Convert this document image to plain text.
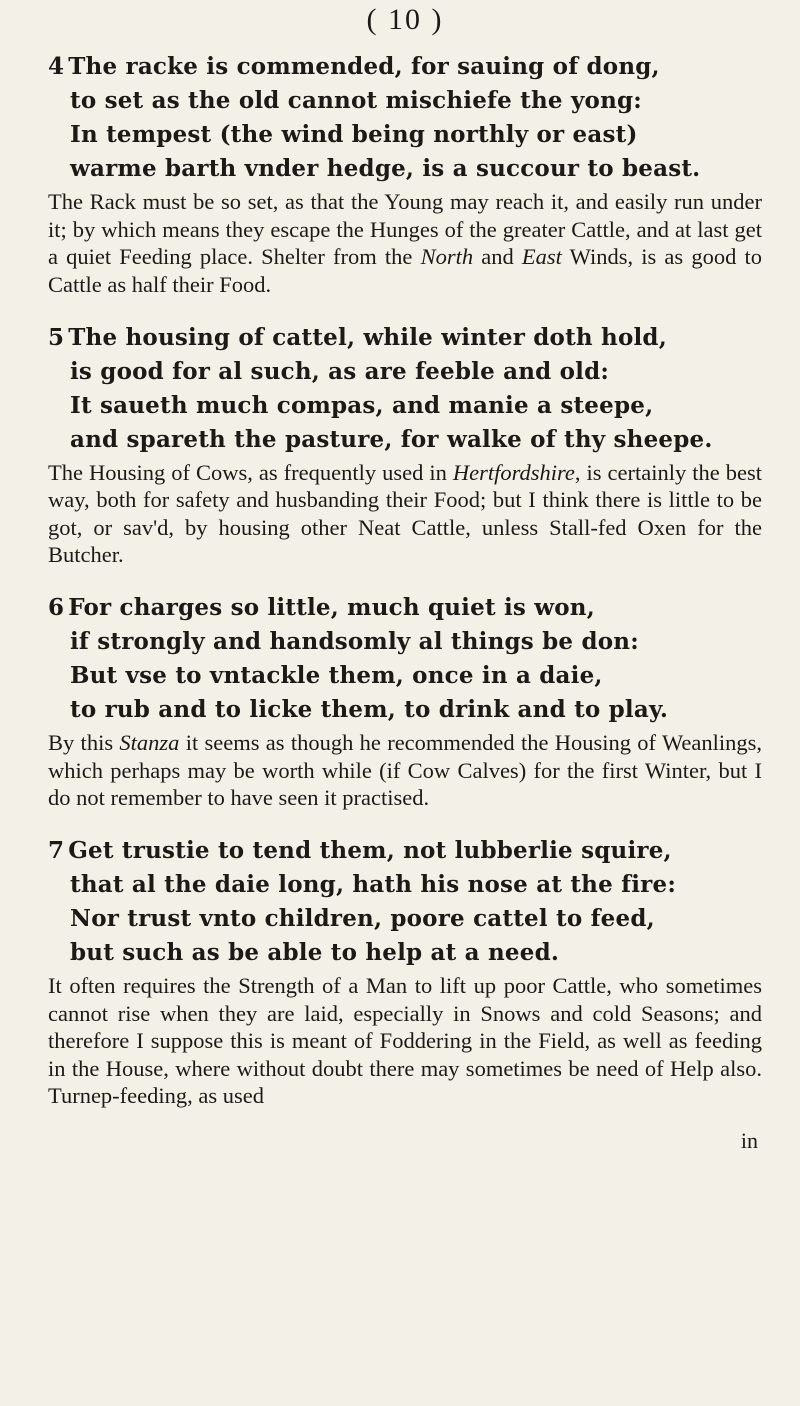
( 10 )
4 The racke is commended, for sauing of dong,
to set as the old cannot mischiefe the yong:
In tempest (the wind being northly or east)
warme barth vnder hedge, is a succour to beast.

The Rack must be so set, as that the Young may reach it, and easily run under it; by which means they escape the Hunges of the greater Cattle, and at last get a quiet Feeding place. Shelter from the North and East Winds, is as good to Cattle as half their Food.

5 The housing of cattel, while winter doth hold,
is good for al such, as are feeble and old:
It saueth much compas, and manie a steepe,
and spareth the pasture, for walke of thy sheepe.

The Housing of Cows, as frequently used in Hertfordshire, is certainly the best way, both for safety and husbanding their Food; but I think there is little to be got, or sav'd, by housing other Neat Cattle, unless Stall-fed Oxen for the Butcher.

6 For charges so little, much quiet is won,
if strongly and handsomly al things be don:
But vse to vntackle them, once in a daie,
to rub and to licke them, to drink and to play.

By this Stanza it seems as though he recommended the Housing of Weanlings, which perhaps may be worth while (if Cow Calves) for the first Winter, but I do not remember to have seen it practised.

7 Get trustie to tend them, not lubberlie squire,
that al the daie long, hath his nose at the fire:
Nor trust vnto children, poore cattel to feed,
but such as be able to help at a need.

It often requires the Strength of a Man to lift up poor Cattle, who sometimes cannot rise when they are laid, especially in Snows and cold Seasons; and therefore I suppose this is meant of Foddering in the Field, as well as feeding in the House, where without doubt there may sometimes be need of Help also. Turnep-feeding, as used

in
